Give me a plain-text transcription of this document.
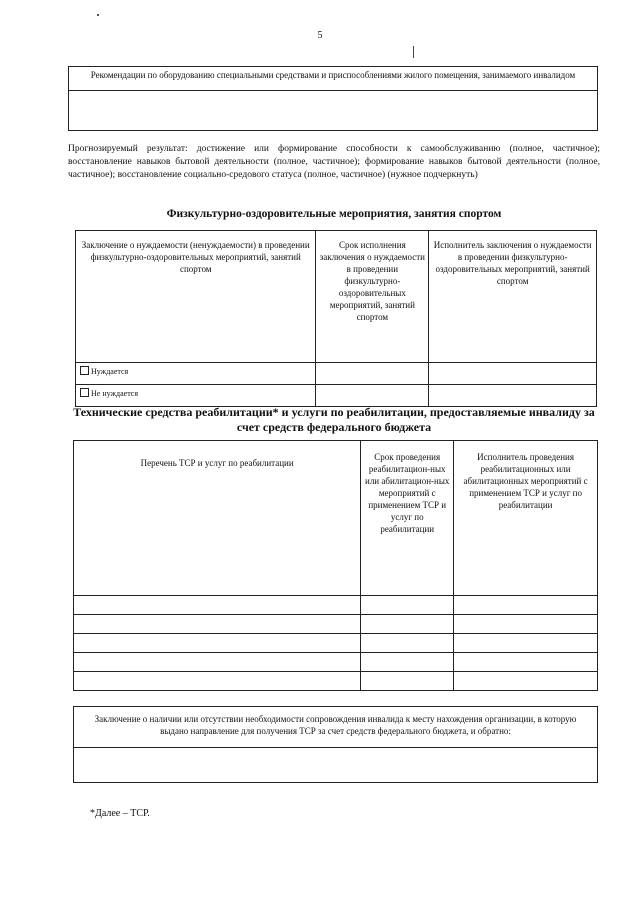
5
Рекомендации по оборудованию специальными средствами и приспособлениями жилого помещения, занимаемого инвалидом

Прогнозируемый результат: достижение или формирование способности к самообслуживанию (полное, частичное); восстановление навыков бытовой деятельности (полное, частичное); формирование навыков бытовой деятельности (полное, частичное); восстановление социально-средового статуса (полное, частичное) (нужное подчеркнуть)
Физкультурно-оздоровительные мероприятия, занятия спортом
Заключение о нуждаемости (ненуждаемости) в проведении физкультурно-оздоровительных мероприятий, занятий спортом	Срок исполнения заключения о нуждаемости в проведении физкультурно-оздоровительных мероприятий, занятий спортом	Исполнитель заключения о нуждаемости в проведении физкультурно-оздоровительных мероприятий, занятий спортом
Нуждается		
Не нуждается		
Технические средства реабилитации* и услуги по реабилитации, предоставляемые инвалиду за счет средств федерального бюджета
Перечень ТСР и услуг по реабилитации	Срок проведения реабилитацион-ных или абилитацион-ных мероприятий с применением ТСР и услуг по реабилитации	Исполнитель проведения реабилитационных или абилитационных мероприятий с применением ТСР и услуг по реабилитации

Заключение о наличии или отсутствии необходимости сопровождения инвалида к месту нахождения организации, в которую выдано направление для получения ТСР за счет средств федерального бюджета, и обратно:

*Далее – ТСР.
